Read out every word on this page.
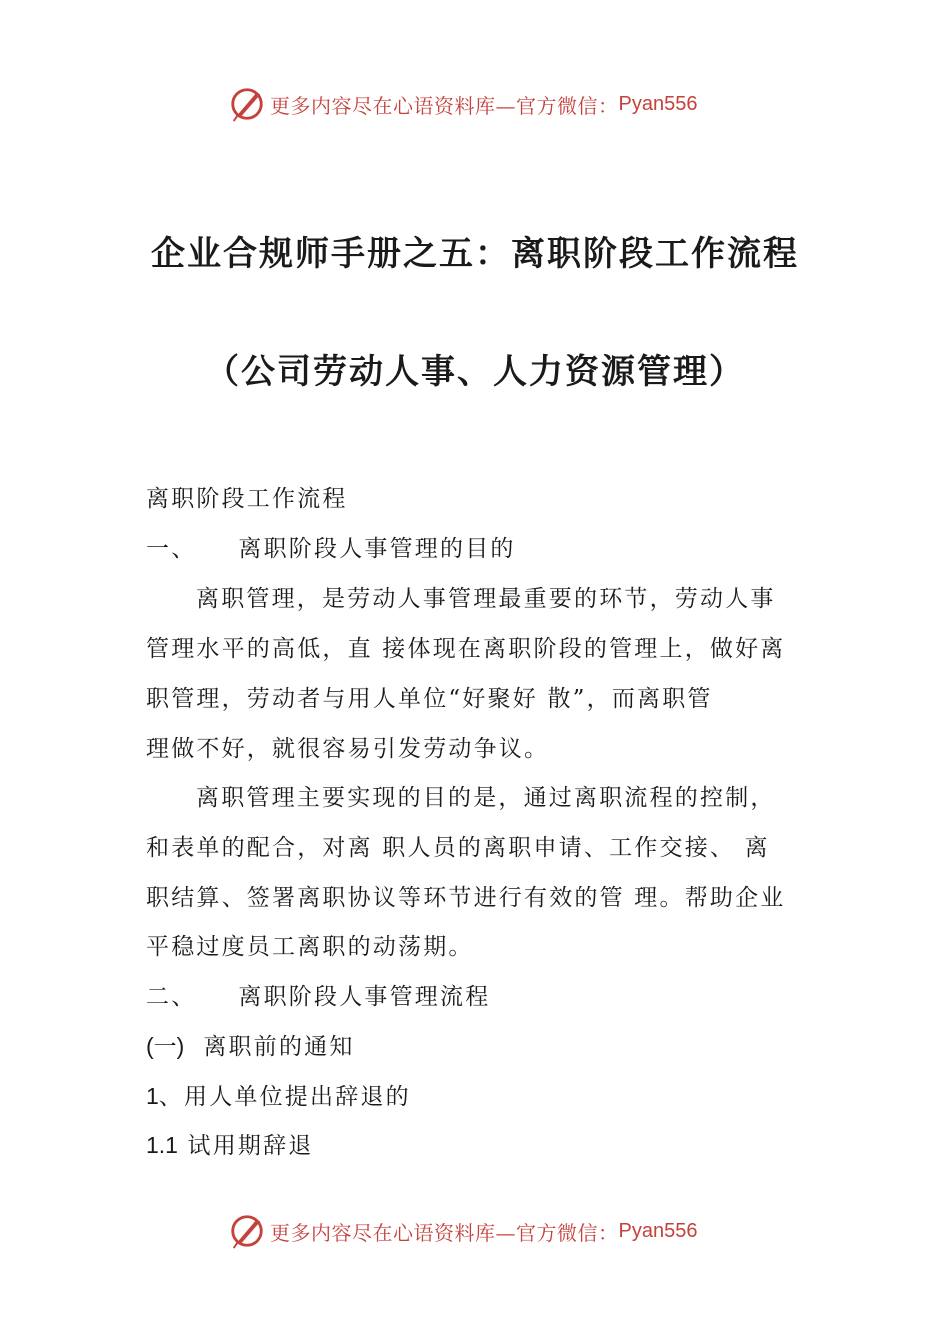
更多内容尽在心语资料库—官方微信： Pyan556
企业合规师手册之五：离职阶段工作流程
（公司劳动人事、人力资源管理）
离职阶段工作流程
一、 离职阶段人事管理的目的
离职管理，是劳动人事管理最重要的环节，劳动人事
管理水平的高低，直 接体现在离职阶段的管理上，做好离
职管理，劳动者与用人单位“好聚好 散”，而离职管
理做不好，就很容易引发劳动争议。
离职管理主要实现的目的是，通过离职流程的控制，
和表单的配合，对离 职人员的离职申请、工作交接、 离
职结算、签署离职协议等环节进行有效的管 理。帮助企业
平稳过度员工离职的动荡期。
二、 离职阶段人事管理流程
(一) 离职前的通知
1、用人单位提出辞退的
1.1 试用期辞退
更多内容尽在心语资料库—官方微信： Pyan556
